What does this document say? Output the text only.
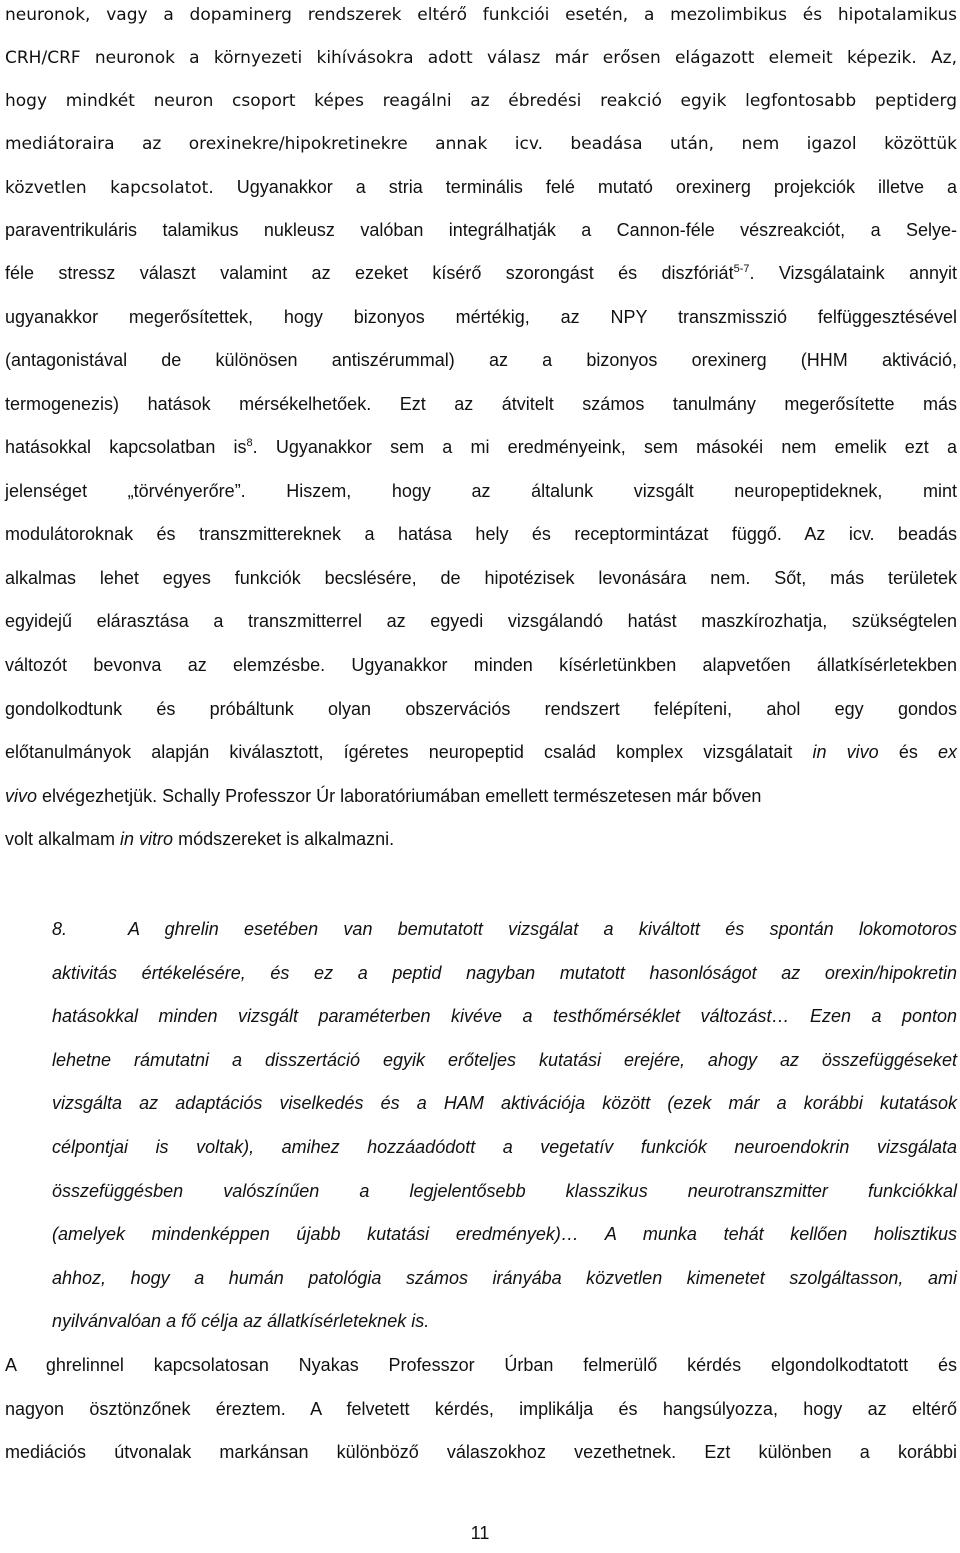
neuronok, vagy a dopaminerg rendszerek eltérő funkciói esetén, a mezolimbikus és hipotalamikus
CRH/CRF neuronok a környezeti kihívásokra adott válasz már erősen elágazott elemeit képezik. Az,
hogy mindkét neuron csoport képes reagálni az ébredési reakció egyik legfontosabb peptiderg
mediátoraira az orexinekre/hipokretinekre annak icv. beadása után, nem igazol közöttük
közvetlen kapcsolatot. Ugyanakkor a stria terminális felé mutató orexinerg projekciók illetve a
paraventrikuláris talamikus nukleusz valóban integrálhatják a Cannon-féle vészreakciót, a Selye-
féle stressz választ valamint az ezeket kísérő szorongást és diszfóriát$^{5-7}$. Vizsgálataink annyit
ugyanakkor megerősítettek, hogy bizonyos mértékig, az NPY transzmisszió felfüggesztésével
(antagonistával de különösen antiszérummal) az a bizonyos orexinerg (HHM aktiváció,
termogenezis) hatások mérsékelhetőek. Ezt az átvitelt számos tanulmány megerősítette más
hatásokkal kapcsolatban $is^8$. Ugyanakkor sem a mi eredményeink, sem másokéi nem emelik ezt a
jelenséget „törvényerőre”. Hiszem, hogy az általunk vizsgált neuropeptideknek, mint
modulátoroknak és transzmittereknek a hatása hely és receptormintázat függő. Az icv. beadás
alkalmas lehet egyes funkciók becslésére, de hipotézisek levonására nem. Sőt, más területek
egyidejű elárasztása a transzmitterrel az egyedi vizsgálandó hatást maszkírozhatja, szükségtelen
változót bevonva az elemzésbe. Ugyanakkor minden kísérletünkben alapvetően állatkísérletekben
gondolkodtunk és próbáltunk olyan obszervációs rendszert felépíteni, ahol egy gondos
előtanulmányok alapján kiválasztott, ígéretes neuropeptid család komplex vizsgálatait in vivo és ex
vivo elvégezhetjük. Schally Professzor Úr laboratóriumában emellett természetesen már bőven
volt alkalmam in vitro módszereket is alkalmazni.
8.	A ghrelin esetében van bemutatott vizsgálat a kiváltott és spontán lokomotoros
aktivitás értékelésére, és ez a peptid nagyban mutatott hasonlóságot az orexin/hipokretin
hatásokkal minden vizsgált paraméterben kivéve a testhőmérséklet változást… Ezen a ponton
lehetne rámutatni a disszertáció egyik erőteljes kutatási erejére, ahogy az összefüggéseket
vizsgálta az adaptációs viselkedés és a HAM aktivációja között (ezek már a korábbi kutatások
célpontjai is voltak), amihez hozzáadódott a vegetatív funkciók neuroendokrin vizsgálata
összefüggésben valószínűen a legjelentősebb klasszikus neurotranszmitter funkciókkal
(amelyek mindenképpen újabb kutatási eredmények)… A munka tehát kellően holisztikus
ahhoz, hogy a humán patológia számos irányába közvetlen kimenetet szolgáltasson, ami
nyilvánvalóan a fő célja az állatkísérleteknek is.
A ghrelinnel kapcsolatosan Nyakas Professzor Úrban felmerülő kérdés elgondolkodtatott és
nagyon ösztönzőnek éreztem. A felvetett kérdés, implikálja és hangsúlyozza, hogy az eltérő
mediációs útvonalak markánsan különböző válaszokhoz vezethetnek. Ezt különben a korábbi
11
